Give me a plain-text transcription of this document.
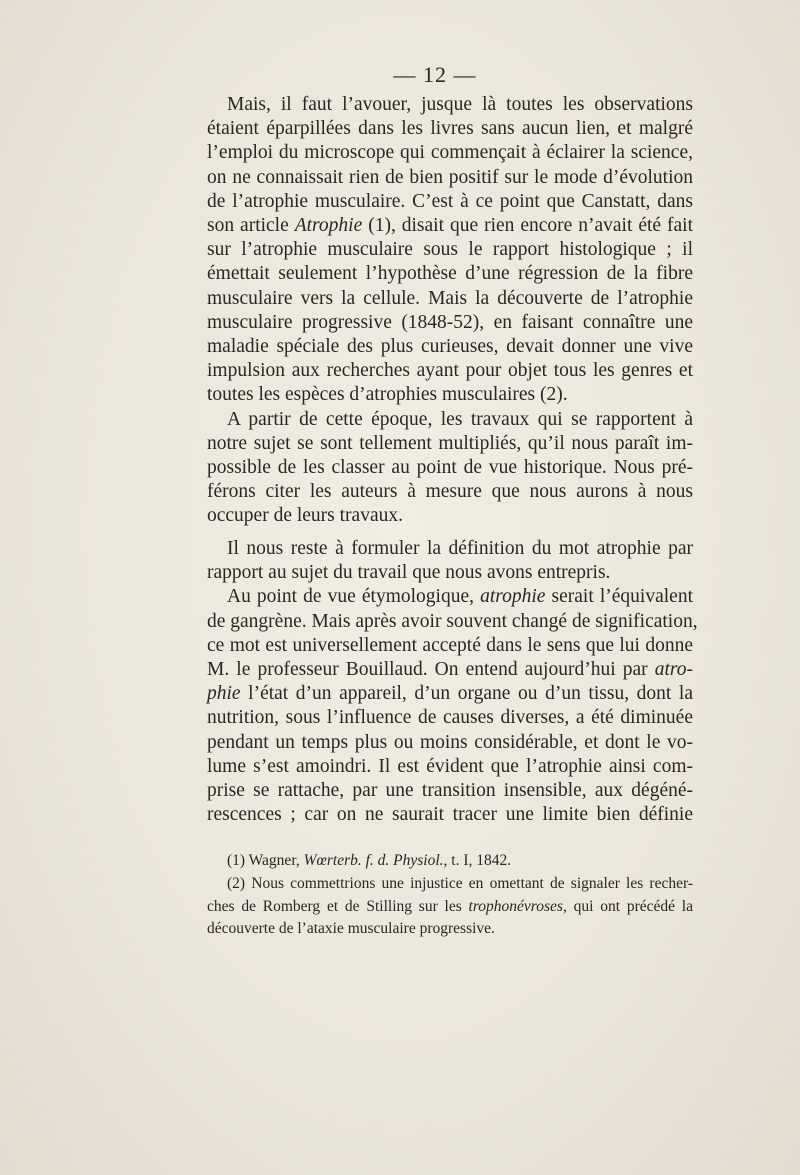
— 12 —
Mais, il faut l’avouer, jusque là toutes les observations
étaient éparpillées dans les livres sans aucun lien, et malgré
l’emploi du microscope qui commençait à éclairer la science,
on ne connaissait rien de bien positif sur le mode d’évolution
de l’atrophie musculaire. C’est à ce point que Canstatt, dans
son article Atrophie (1), disait que rien encore n’avait été fait
sur l’atrophie musculaire sous le rapport histologique ; il
émettait seulement l’hypothèse d’une régression de la fibre
musculaire vers la cellule. Mais la découverte de l’atrophie
musculaire progressive (1848-52), en faisant connaître une
maladie spéciale des plus curieuses, devait donner une vive
impulsion aux recherches ayant pour objet tous les genres et
toutes les espèces d’atrophies musculaires (2).
A partir de cette époque, les travaux qui se rapportent à
notre sujet se sont tellement multipliés, qu’il nous paraît im-
possible de les classer au point de vue historique. Nous pré-
férons citer les auteurs à mesure que nous aurons à nous
occuper de leurs travaux.
Il nous reste à formuler la définition du mot atrophie par
rapport au sujet du travail que nous avons entrepris.
Au point de vue étymologique, atrophie serait l’équivalent
de gangrène. Mais après avoir souvent changé de signification,
ce mot est universellement accepté dans le sens que lui donne
M. le professeur Bouillaud. On entend aujourd’hui par atro-
phie l’état d’un appareil, d’un organe ou d’un tissu, dont la
nutrition, sous l’influence de causes diverses, a été diminuée
pendant un temps plus ou moins considérable, et dont le vo-
lume s’est amoindri. Il est évident que l’atrophie ainsi com-
prise se rattache, par une transition insensible, aux dégéné-
rescences ; car on ne saurait tracer une limite bien définie
(1) Wagner, Wœrterb. f. d. Physiol., t. I, 1842.
(2) Nous commettrions une injustice en omettant de signaler les recher-
ches de Romberg et de Stilling sur les trophonévroses, qui ont précédé la
découverte de l’ataxie musculaire progressive.
